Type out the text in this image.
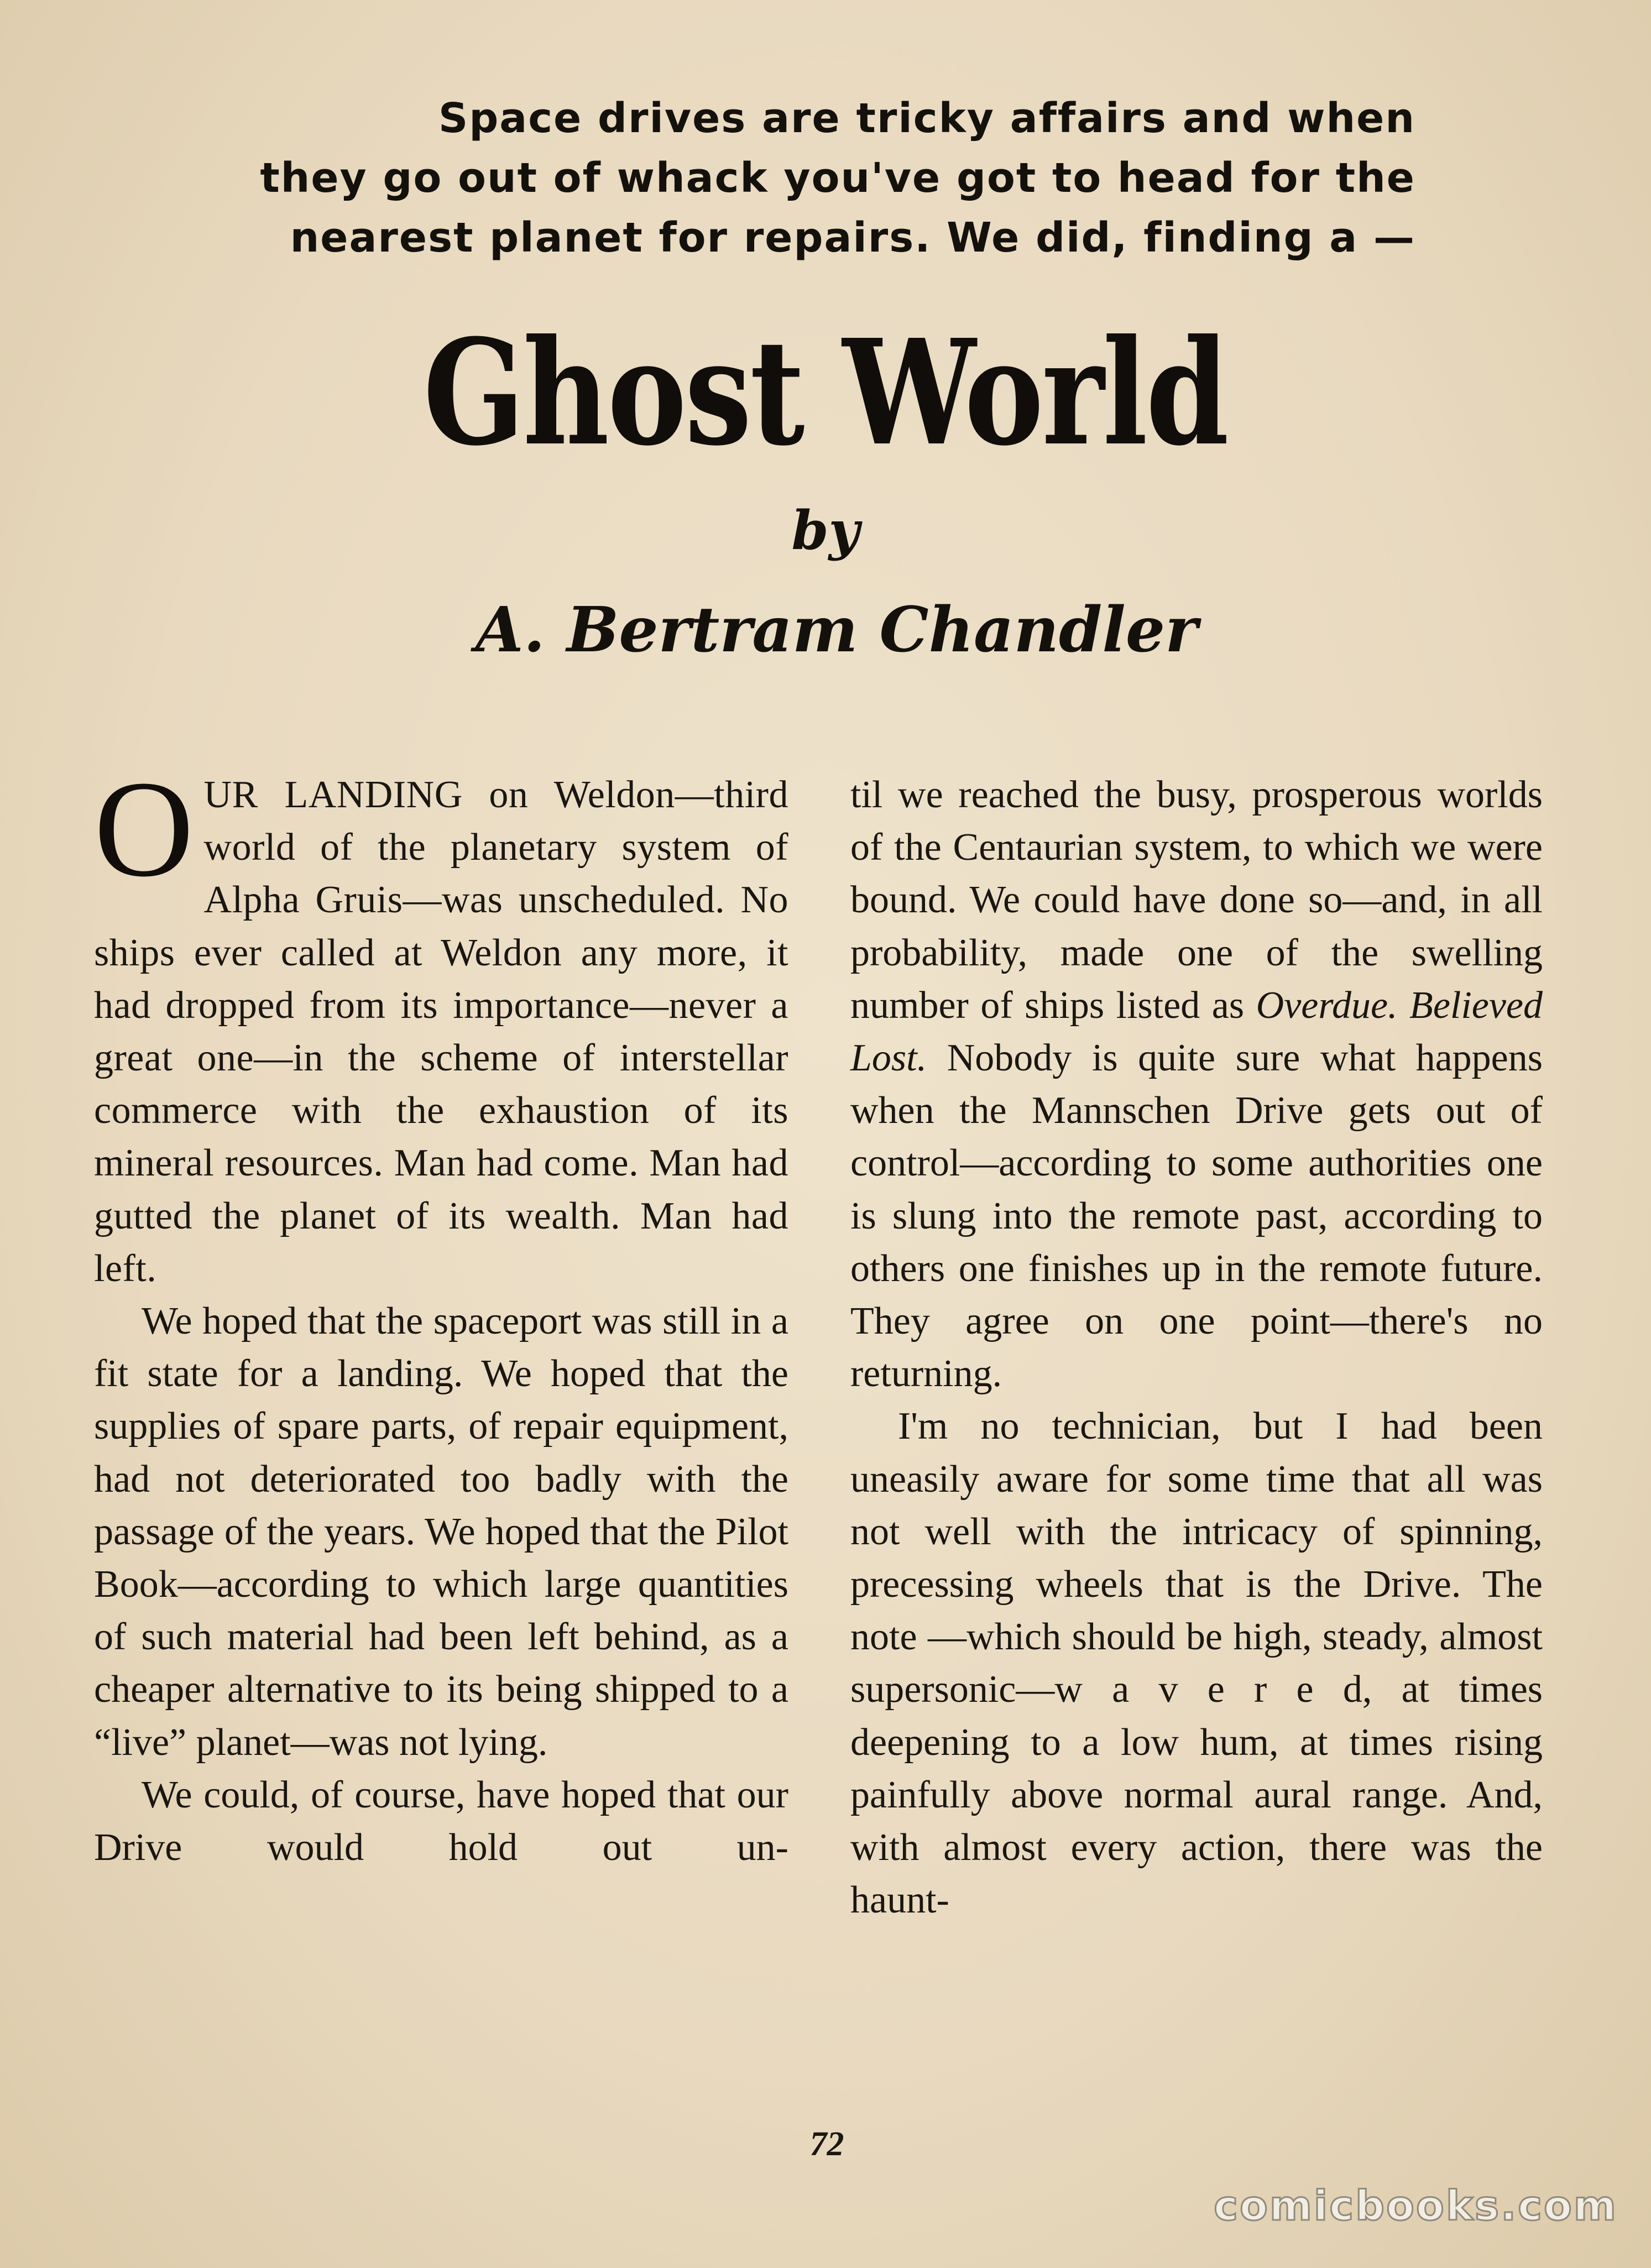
Space drives are tricky affairs and when
they go out of whack you've got to head for the
nearest planet for repairs. We did, finding a —
Ghost World
by
A. Bertram Chandler

OUR LANDING on Weldon—third world of the planetary system of Alpha Gruis—was unscheduled. No ships ever called at Weldon any more, it had dropped from its importance—never a great one—in the scheme of interstellar commerce with the exhaustion of its mineral resources. Man had come. Man had gutted the planet of its wealth. Man had left.

We hoped that the spaceport was still in a fit state for a landing. We hoped that the supplies of spare parts, of repair equipment, had not deteriorated too badly with the passage of the years. We hoped that the Pilot Book—according to which large quantities of such material had been left behind, as a cheaper alternative to its being shipped to a “live” planet—was not lying.

We could, of course, have hoped that our Drive would hold out un-

til we reached the busy, prosperous worlds of the Centaurian system, to which we were bound. We could have done so—and, in all probability, made one of the swelling number of ships listed as Overdue. Believed Lost. Nobody is quite sure what happens when the Mannschen Drive gets out of control—according to some authorities one is slung into the remote past, according to others one finishes up in the remote future. They agree on one point—there's no returning.

I'm no technician, but I had been uneasily aware for some time that all was not well with the intricacy of spinning, precessing wheels that is the Drive. The note —which should be high, steady, almost supersonic—w a v e r e d, at times deepening to a low hum, at times rising painfully above normal aural range. And, with almost every action, there was the haunt-

72
comicbooks.com
